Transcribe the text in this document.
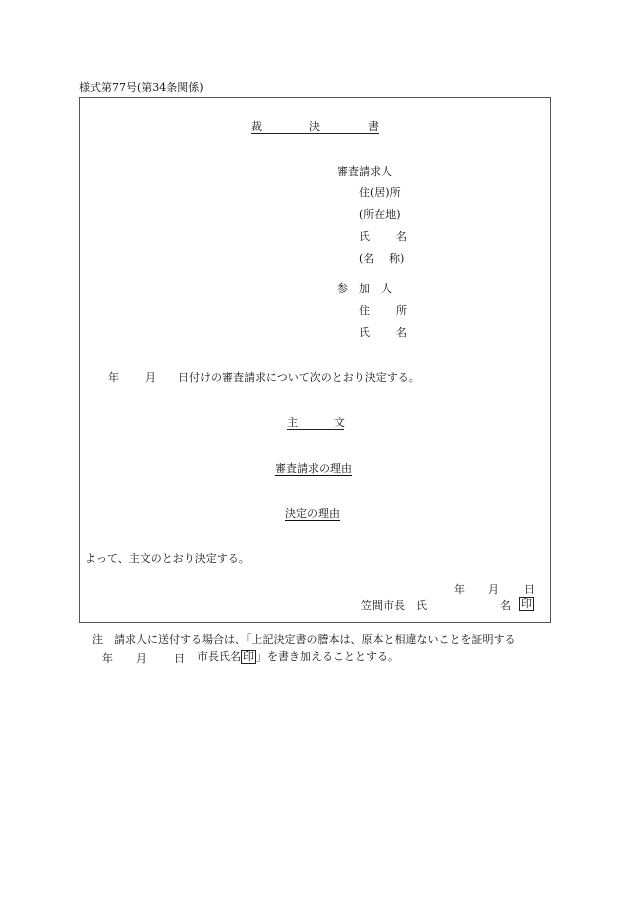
様式第77号(第34条関係)
裁	決	書
審査請求人
住(居)所
(所在地)
氏 名
(名 称)
参 加 人
住 所
氏 名
年 月 日付けの審査請求について次のとおり決定する。
主	文
審査請求の理由
決定の理由
よって、主文のとおり決定する。
年 月 日
笠間市長　氏	名 印
注　請求人に送付する場合は、「上記決定書の謄本は、原本と相違ないことを証明する
年 月 日 市長氏名 印 」を書き加えることとする。
